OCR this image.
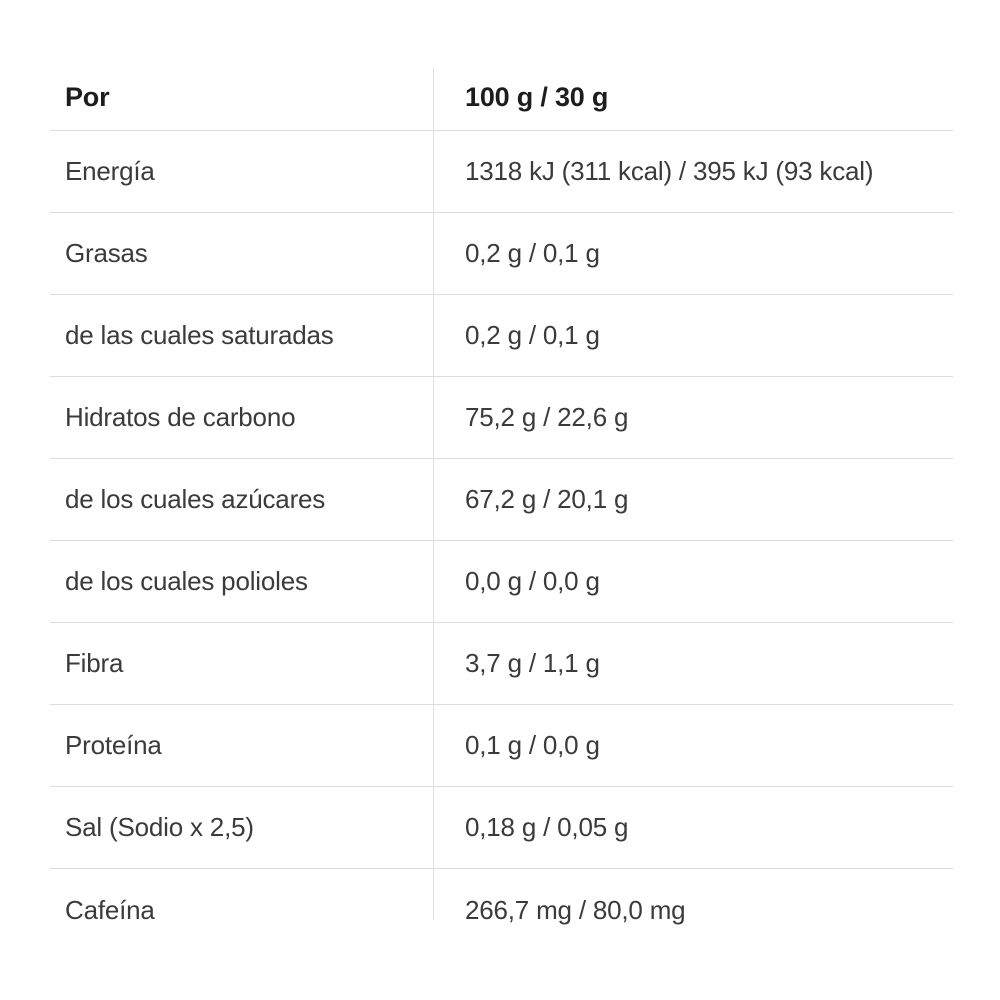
Por	100 g / 30 g
Energía	1318 kJ (311 kcal) / 395 kJ (93 kcal)
Grasas	0,2 g / 0,1 g
de las cuales saturadas	0,2 g / 0,1 g
Hidratos de carbono	75,2 g / 22,6 g
de los cuales azúcares	67,2 g / 20,1 g
de los cuales polioles	0,0 g / 0,0 g
Fibra	3,7 g / 1,1 g
Proteína	0,1 g / 0,0 g
Sal (Sodio x 2,5)	0,18 g / 0,05 g
Cafeína	266,7 mg / 80,0 mg
